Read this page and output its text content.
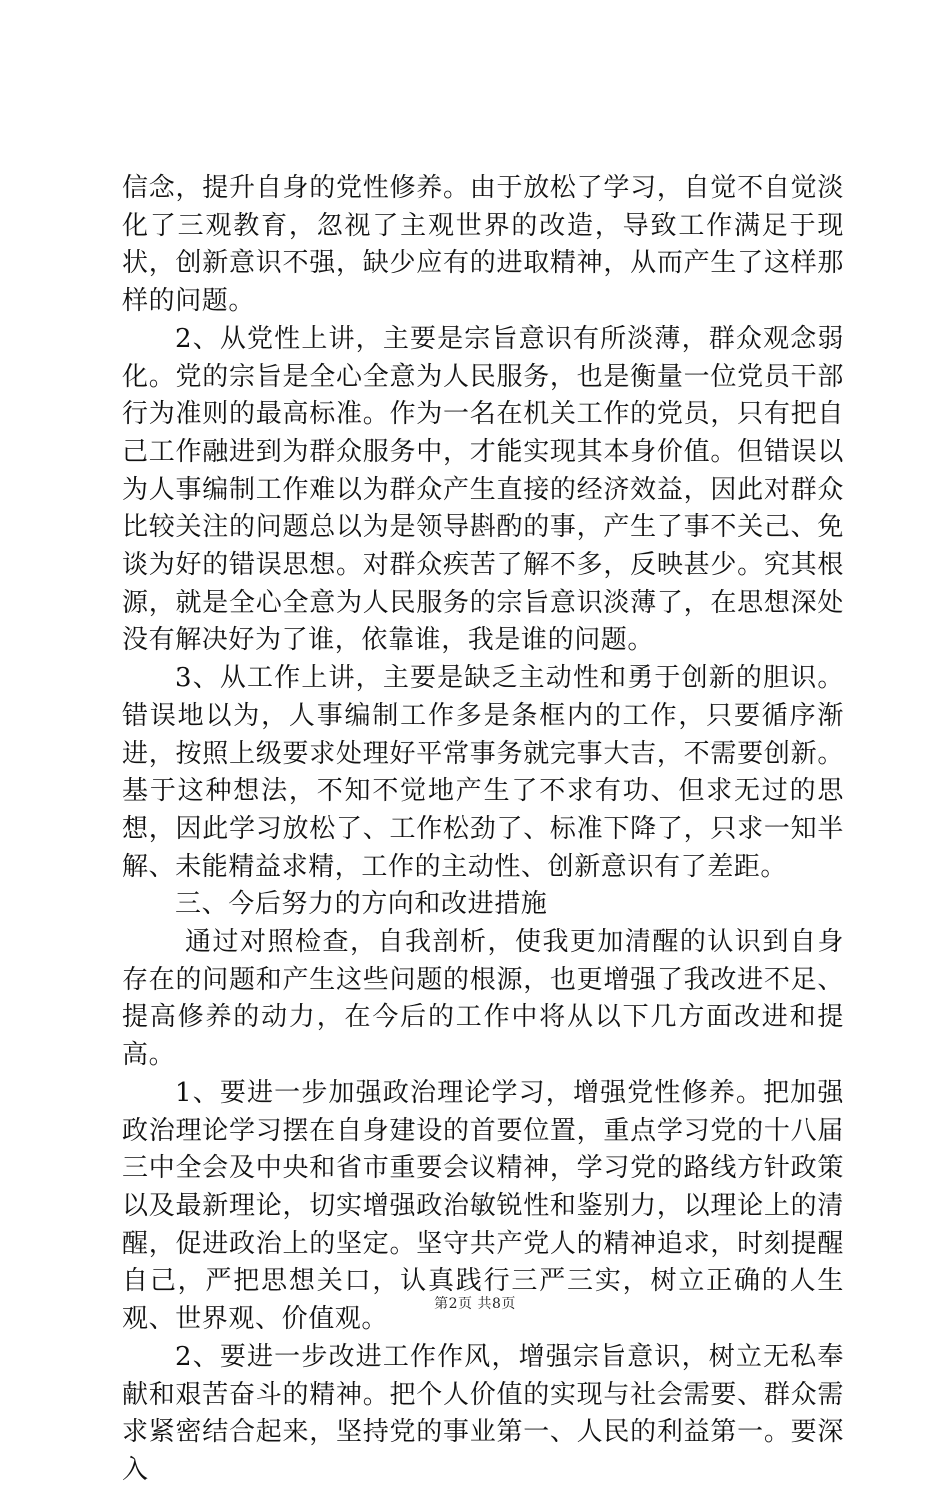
信念，提升自身的党性修养。由于放松了学习，自觉不自觉淡化了三观教育，忽视了主观世界的改造，导致工作满足于现状，创新意识不强，缺少应有的进取精神，从而产生了这样那样的问题。

2、从党性上讲，主要是宗旨意识有所淡薄，群众观念弱化。党的宗旨是全心全意为人民服务，也是衡量一位党员干部行为准则的最高标准。作为一名在机关工作的党员，只有把自己工作融进到为群众服务中，才能实现其本身价值。但错误以为人事编制工作难以为群众产生直接的经济效益，因此对群众比较关注的问题总以为是领导斟酌的事，产生了事不关己、免谈为好的错误思想。对群众疾苦了解不多，反映甚少。究其根源，就是全心全意为人民服务的宗旨意识淡薄了，在思想深处没有解决好为了谁，依靠谁，我是谁的问题。

3、从工作上讲，主要是缺乏主动性和勇于创新的胆识。错误地以为，人事编制工作多是条框内的工作，只要循序渐进，按照上级要求处理好平常事务就完事大吉，不需要创新。基于这种想法，不知不觉地产生了不求有功、但求无过的思想，因此学习放松了、工作松劲了、标准下降了，只求一知半解、未能精益求精，工作的主动性、创新意识有了差距。

三、今后努力的方向和改进措施

通过对照检查，自我剖析，使我更加清醒的认识到自身存在的问题和产生这些问题的根源，也更增强了我改进不足、提高修养的动力，在今后的工作中将从以下几方面改进和提高。

1、要进一步加强政治理论学习，增强党性修养。把加强政治理论学习摆在自身建设的首要位置，重点学习党的十八届三中全会及中央和省市重要会议精神，学习党的路线方针政策以及最新理论，切实增强政治敏锐性和鉴别力，以理论上的清醒，促进政治上的坚定。坚守共产党人的精神追求，时刻提醒自己，严把思想关口，认真践行三严三实，树立正确的人生观、世界观、价值观。

2、要进一步改进工作作风，增强宗旨意识，树立无私奉献和艰苦奋斗的精神。把个人价值的实现与社会需要、群众需求紧密结合起来，坚持党的事业第一、人民的利益第一。要深入

第2页 共8页
